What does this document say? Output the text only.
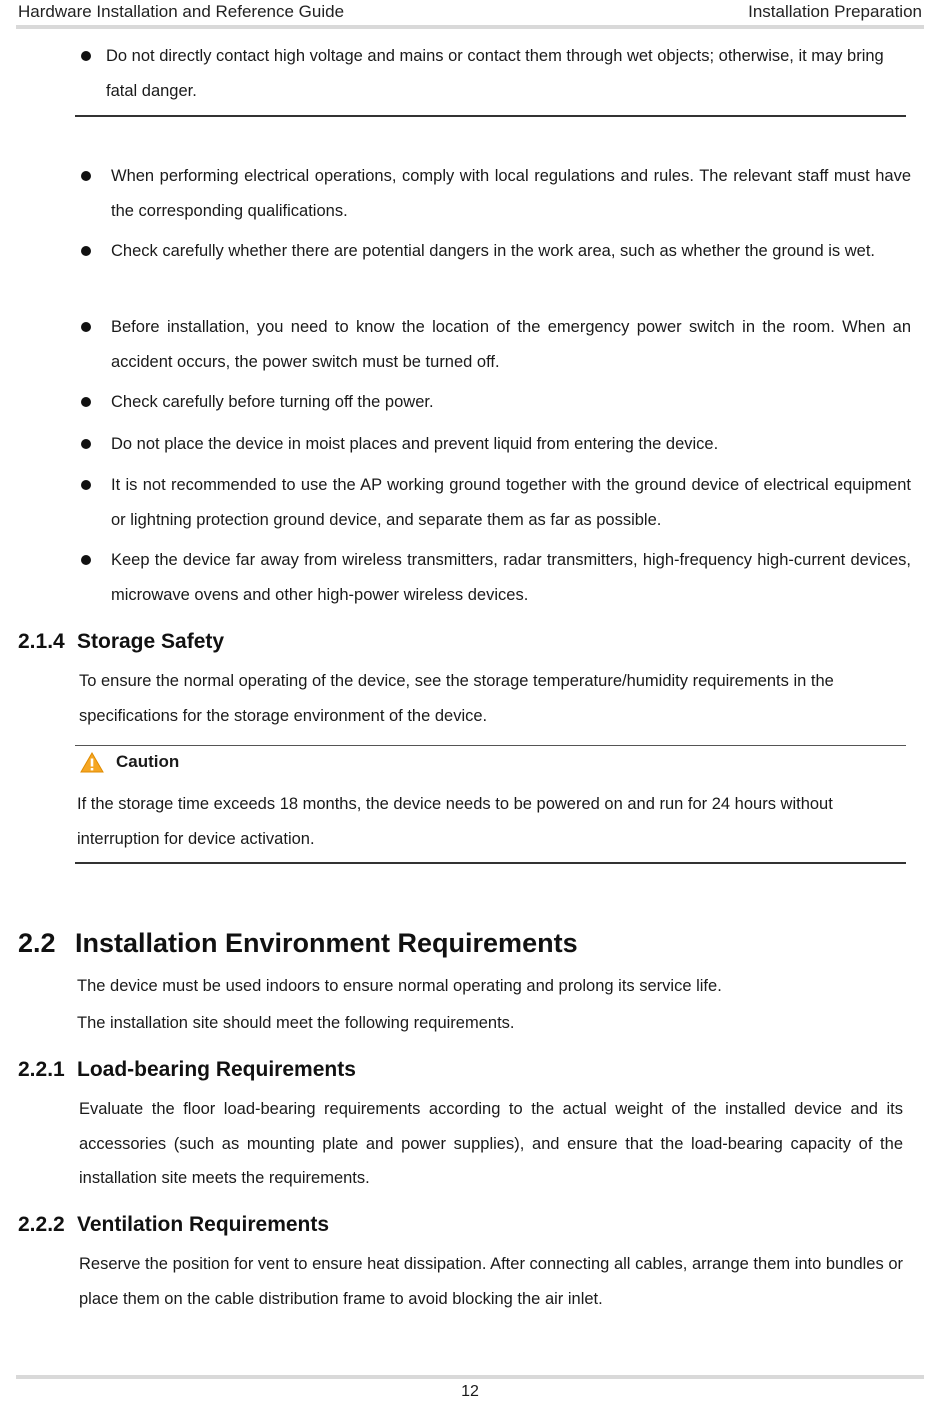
Hardware Installation and Reference Guide	Installation Preparation
Do not directly contact high voltage and mains or contact them through wet objects; otherwise, it may bring fatal danger.
When performing electrical operations, comply with local regulations and rules. The relevant staff must have the corresponding qualifications.
Check carefully whether there are potential dangers in the work area, such as whether the ground is wet.
Before installation, you need to know the location of the emergency power switch in the room. When an accident occurs, the power switch must be turned off.
Check carefully before turning off the power.
Do not place the device in moist places and prevent liquid from entering the device.
It is not recommended to use the AP working ground together with the ground device of electrical equipment or lightning protection ground device, and separate them as far as possible.
Keep the device far away from wireless transmitters, radar transmitters, high-frequency high-current devices, microwave ovens and other high-power wireless devices.
2.1.4 Storage Safety
To ensure the normal operating of the device, see the storage temperature/humidity requirements in the specifications for the storage environment of the device.
Caution
If the storage time exceeds 18 months, the device needs to be powered on and run for 24 hours without interruption for device activation.
2.2 Installation Environment Requirements
The device must be used indoors to ensure normal operating and prolong its service life.
The installation site should meet the following requirements.
2.2.1 Load-bearing Requirements
Evaluate the floor load-bearing requirements according to the actual weight of the installed device and its accessories (such as mounting plate and power supplies), and ensure that the load-bearing capacity of the installation site meets the requirements.
2.2.2 Ventilation Requirements
Reserve the position for vent to ensure heat dissipation. After connecting all cables, arrange them into bundles or place them on the cable distribution frame to avoid blocking the air inlet.
12
